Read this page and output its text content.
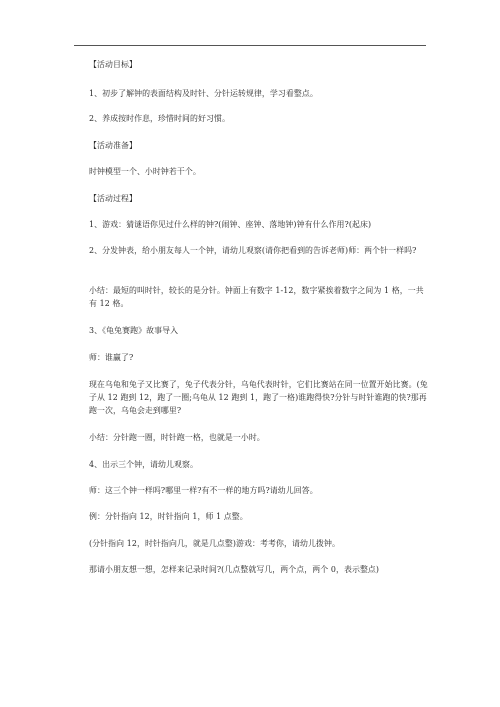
【活动目标】

1、初步了解钟的表面结构及时针、分针运转规律，学习看整点。

2、养成按时作息，珍惜时间的好习惯。

【活动准备】

时钟模型一个、小时钟若干个。

【活动过程】

1、游戏：猜谜语你见过什么样的钟?(闹钟、座钟、落地钟)钟有什么作用?(起床)

2、分发钟表，给小朋友每人一个钟，请幼儿观察(请你把看到的告诉老师)师：两个针一样吗?

小结：最短的叫时针，较长的是分针。钟面上有数字 1-12，数字紧挨着数字之间为 1 格，一共有 12 格。

3、《龟兔赛跑》故事导入

师：谁赢了?

现在乌龟和兔子又比赛了，兔子代表分针，乌龟代表时针，它们比赛站在同一位置开始比赛。(兔子从 12 跑到 12，跑了一圈;乌龟从 12 跑到 1，跑了一格)谁跑得快?分针与时针谁跑的快?那再跑一次，乌龟会走到哪里?

小结：分针跑一圈，时针跑一格，也就是一小时。

4、出示三个钟，请幼儿观察。

师：这三个钟一样吗?哪里一样?有不一样的地方吗?请幼儿回答。

例：分针指向 12，时针指向 1，师 1 点整。

(分针指向 12，时针指向几，就是几点整)游戏：考考你，请幼儿拨钟。

那请小朋友想一想，怎样来记录时间?(几点整就写几，两个点，两个 0，表示整点)
